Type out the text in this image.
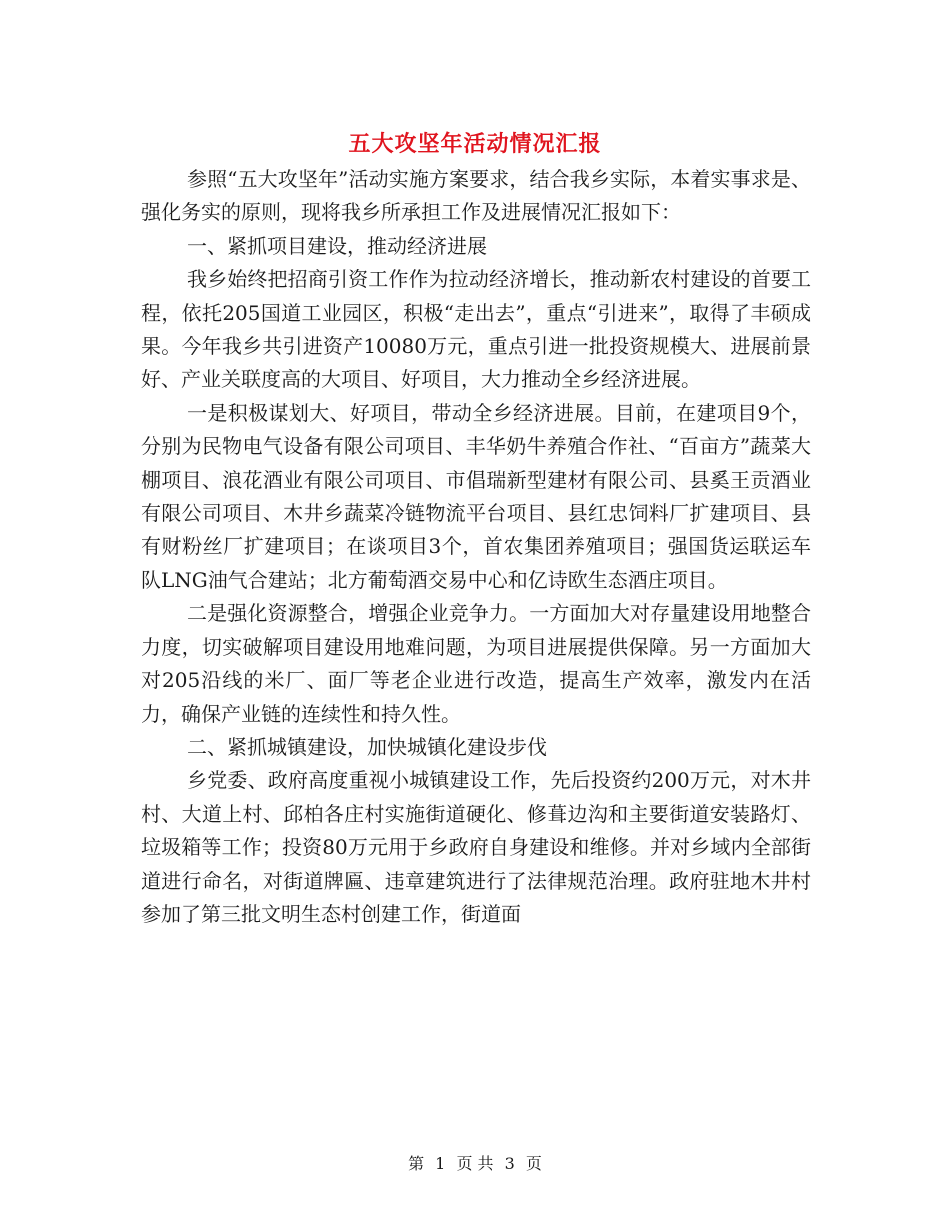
五大攻坚年活动情况汇报

参照“五大攻坚年”活动实施方案要求，结合我乡实际，本着实事求是、强化务实的原则，现将我乡所承担工作及进展情况汇报如下：

一、紧抓项目建设，推动经济进展

我乡始终把招商引资工作作为拉动经济增长，推动新农村建设的首要工程，依托205国道工业园区，积极“走出去”，重点“引进来”，取得了丰硕成果。今年我乡共引进资产10080万元，重点引进一批投资规模大、进展前景好、产业关联度高的大项目、好项目，大力推动全乡经济进展。

一是积极谋划大、好项目，带动全乡经济进展。目前，在建项目9个，分别为民物电气设备有限公司项目、丰华奶牛养殖合作社、“百亩方”蔬菜大棚项目、浪花酒业有限公司项目、市倡瑞新型建材有限公司、县奚王贡酒业有限公司项目、木井乡蔬菜冷链物流平台项目、县红忠饲料厂扩建项目、县有财粉丝厂扩建项目；在谈项目3个，首农集团养殖项目；强国货运联运车队LNG油气合建站；北方葡萄酒交易中心和亿诗欧生态酒庄项目。

二是强化资源整合，增强企业竞争力。一方面加大对存量建设用地整合力度，切实破解项目建设用地难问题，为项目进展提供保障。另一方面加大对205沿线的米厂、面厂等老企业进行改造，提高生产效率，激发内在活力，确保产业链的连续性和持久性。

二、紧抓城镇建设，加快城镇化建设步伐

乡党委、政府高度重视小城镇建设工作，先后投资约200万元，对木井村、大道上村、邱柏各庄村实施街道硬化、修葺边沟和主要街道安装路灯、垃圾箱等工作；投资80万元用于乡政府自身建设和维修。并对乡域内全部街道进行命名，对街道牌匾、违章建筑进行了法律规范治理。政府驻地木井村参加了第三批文明生态村创建工作，街道面

第 1 页 共 3 页
